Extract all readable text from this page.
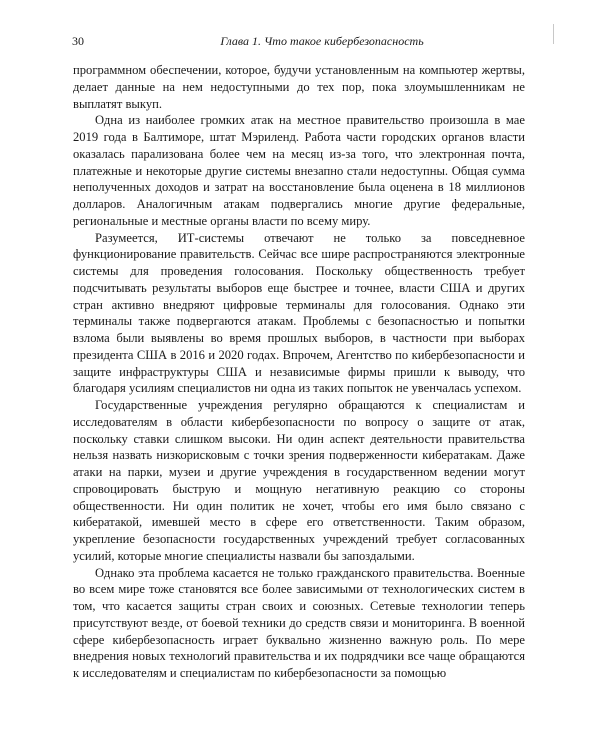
30	Глава 1. Что такое кибербезопасность

программном обеспечении, которое, будучи установленным на компьютер жертвы, делает данные на нем недоступными до тех пор, пока злоумышленникам не выплатят выкуп.

Одна из наиболее громких атак на местное правительство произошла в мае 2019 года в Балтиморе, штат Мэриленд. Работа части городских органов власти оказалась парализована более чем на месяц из-за того, что электронная почта, платежные и некоторые другие системы внезапно стали недоступны. Общая сумма неполученных доходов и затрат на восстановление была оценена в 18 миллионов долларов. Аналогичным атакам подвергались многие другие федеральные, региональные и местные органы власти по всему миру.

Разумеется, ИТ-системы отвечают не только за повседневное функционирование правительств. Сейчас все шире распространяются электронные системы для проведения голосования. Поскольку общественность требует подсчитывать результаты выборов еще быстрее и точнее, власти США и других стран активно внедряют цифровые терминалы для голосования. Однако эти терминалы также подвергаются атакам. Проблемы с безопасностью и попытки взлома были выявлены во время прошлых выборов, в частности при выборах президента США в 2016 и 2020 годах. Впрочем, Агентство по кибербезопасности и защите инфраструктуры США и независимые фирмы пришли к выводу, что благодаря усилиям специалистов ни одна из таких попыток не увенчалась успехом.

Государственные учреждения регулярно обращаются к специалистам и исследователям в области кибербезопасности по вопросу о защите от атак, поскольку ставки слишком высоки. Ни один аспект деятельности правительства нельзя назвать низкорисковым с точки зрения подверженности кибератакам. Даже атаки на парки, музеи и другие учреждения в государственном ведении могут спровоцировать быструю и мощную негативную реакцию со стороны общественности. Ни один политик не хочет, чтобы его имя было связано с кибератакой, имевшей место в сфере его ответственности. Таким образом, укрепление безопасности государственных учреждений требует согласованных усилий, которые многие специалисты назвали бы запоздалыми.

Однако эта проблема касается не только гражданского правительства. Военные во всем мире тоже становятся все более зависимыми от технологических систем в том, что касается защиты стран своих и союзных. Сетевые технологии теперь присутствуют везде, от боевой техники до средств связи и мониторинга. В военной сфере кибербезопасность играет буквально жизненно важную роль. По мере внедрения новых технологий правительства и их подрядчики все чаще обращаются к исследователям и специалистам по кибербезопасности за помощью
